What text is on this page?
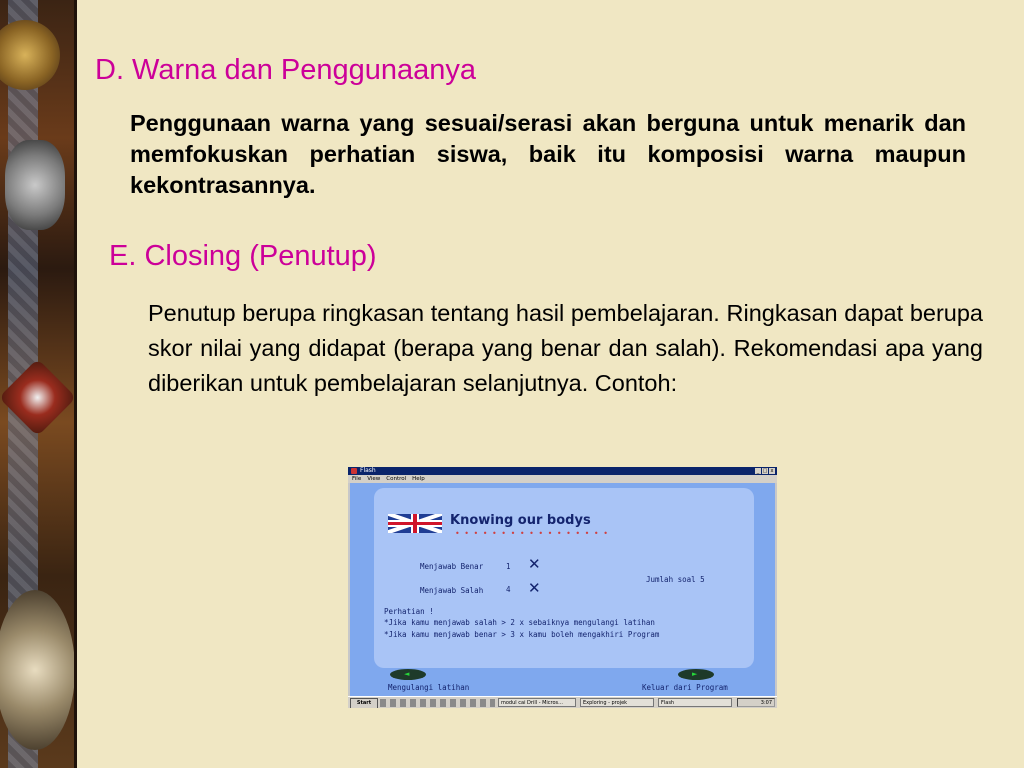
D. Warna dan Penggunaanya
Penggunaan warna yang sesuai/serasi akan berguna untuk menarik dan memfokuskan perhatian siswa, baik itu komposisi warna maupun kekontrasannya.
E. Closing (Penutup)
Penutup berupa ringkasan tentang hasil pembelajaran. Ringkasan dapat berupa skor nilai yang didapat (berapa yang benar dan salah). Rekomendasi apa yang diberikan untuk pembelajaran selanjutnya. Contoh:
Flash	_ □ x
File View Control Help
Knowing our bodys
• • • • • • • • • • • • • • • • •
Menjawab Benar	1 ✕
Jumlah soal 5
Menjawab Salah	4 ✕
Perhatian !
*Jika kamu menjawab salah > 2 x sebaiknya mengulangi latihan
*Jika kamu menjawab benar > 3 x kamu boleh mengakhiri Program
◄
Mengulangi latihan
►
Keluar dari Program
Start	modul cai Drill - Micros...	Exploring - projek	Flash	3:07
